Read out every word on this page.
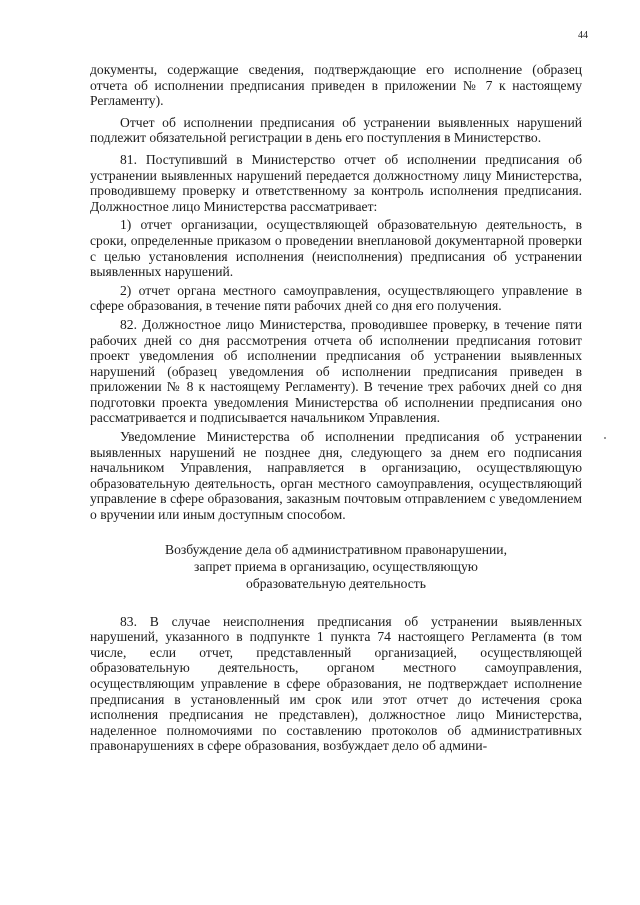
44

документы, содержащие сведения, подтверждающие его исполнение (образец отчета об исполнении предписания приведен в приложении № 7 к настоящему Регламенту).

Отчет об исполнении предписания об устранении выявленных нарушений подлежит обязательной регистрации в день его поступления в Министерство.

81. Поступивший в Министерство отчет об исполнении предписания об устранении выявленных нарушений передается должностному лицу Министерства, проводившему проверку и ответственному за контроль исполнения предписания. Должностное лицо Министерства рассматривает:

1) отчет организации, осуществляющей образовательную деятельность, в сроки, определенные приказом о проведении внеплановой документарной проверки с целью установления исполнения (неисполнения) предписания об устранении выявленных нарушений.

2) отчет органа местного самоуправления, осуществляющего управление в сфере образования, в течение пяти рабочих дней со дня его получения.

82. Должностное лицо Министерства, проводившее проверку, в течение пяти рабочих дней со дня рассмотрения отчета об исполнении предписания готовит проект уведомления об исполнении предписания об устранении выявленных нарушений (образец уведомления об исполнении предписания приведен в приложении № 8 к настоящему Регламенту). В течение трех рабочих дней со дня подготовки проекта уведомления Министерства об исполнении предписания оно рассматривается и подписывается начальником Управления.

Уведомление Министерства об исполнении предписания об устранении выявленных нарушений не позднее дня, следующего за днем его подписания начальником Управления, направляется в организацию, осуществляющую образовательную деятельность, орган местного самоуправления, осуществляющий управление в сфере образования, заказным почтовым отправлением с уведомлением о вручении или иным доступным способом.

Возбуждение дела об административном правонарушении,
запрет приема в организацию, осуществляющую
образовательную деятельность

83. В случае неисполнения предписания об устранении выявленных нарушений, указанного в подпункте 1 пункта 74 настоящего Регламента (в том числе, если отчет, представленный организацией, осуществляющей образовательную деятельность, органом местного самоуправления, осуществляющим управление в сфере образования, не подтверждает исполнение предписания в установленный им срок или этот отчет до истечения срока исполнения предписания не представлен), должностное лицо Министерства, наделенное полномочиями по составлению протоколов об административных правонарушениях в сфере образования, возбуждает дело об админи-
